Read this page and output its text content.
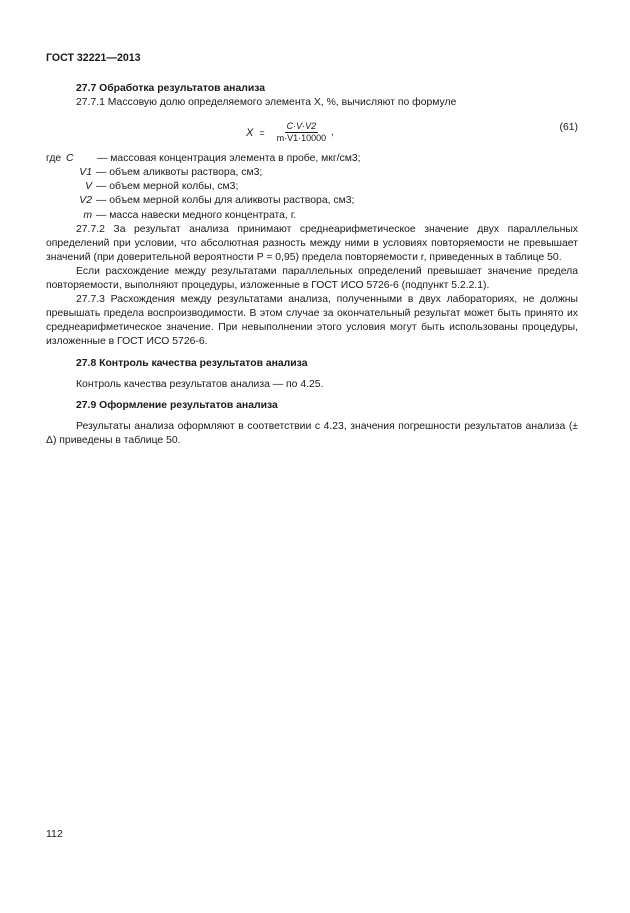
ГОСТ 32221—2013

27.7 Обработка результатов анализа

27.7.1 Массовую долю определяемого элемента X, %, вычисляют по формуле

$X = \frac{C\cdot V\cdot V2}{m\cdot V1\cdot 10000}$ ,	(61)
где C	— массовая концентрация элемента в пробе, мкг/см3;
V1 — объем аликвоты раствора, см3;
V — объем мерной колбы, см3;
V2 — объем мерной колбы для аликвоты раствора, см3;
m — масса навески медного концентрата, г.

27.7.2 За результат анализа принимают среднеарифметическое значение двух параллельных определений при условии, что абсолютная разность между ними в условиях повторяемости не превышает значений (при доверительной вероятности P = 0,95) предела повторяемости r, приведенных в таблице 50.

Если расхождение между результатами параллельных определений превышает значение предела повторяемости, выполняют процедуры, изложенные в ГОСТ ИСО 5726-6 (подпункт 5.2.2.1).

27.7.3 Расхождения между результатами анализа, полученными в двух лабораториях, не должны превышать предела воспроизводимости. В этом случае за окончательный результат может быть принято их среднеарифметическое значение. При невыполнении этого условия могут быть использованы процедуры, изложенные в ГОСТ ИСО 5726-6.

27.8 Контроль качества результатов анализа

Контроль качества результатов анализа — по 4.25.

27.9 Оформление результатов анализа

Результаты анализа оформляют в соответствии с 4.23, значения погрешности результатов анализа (± Δ) приведены в таблице 50.

112
